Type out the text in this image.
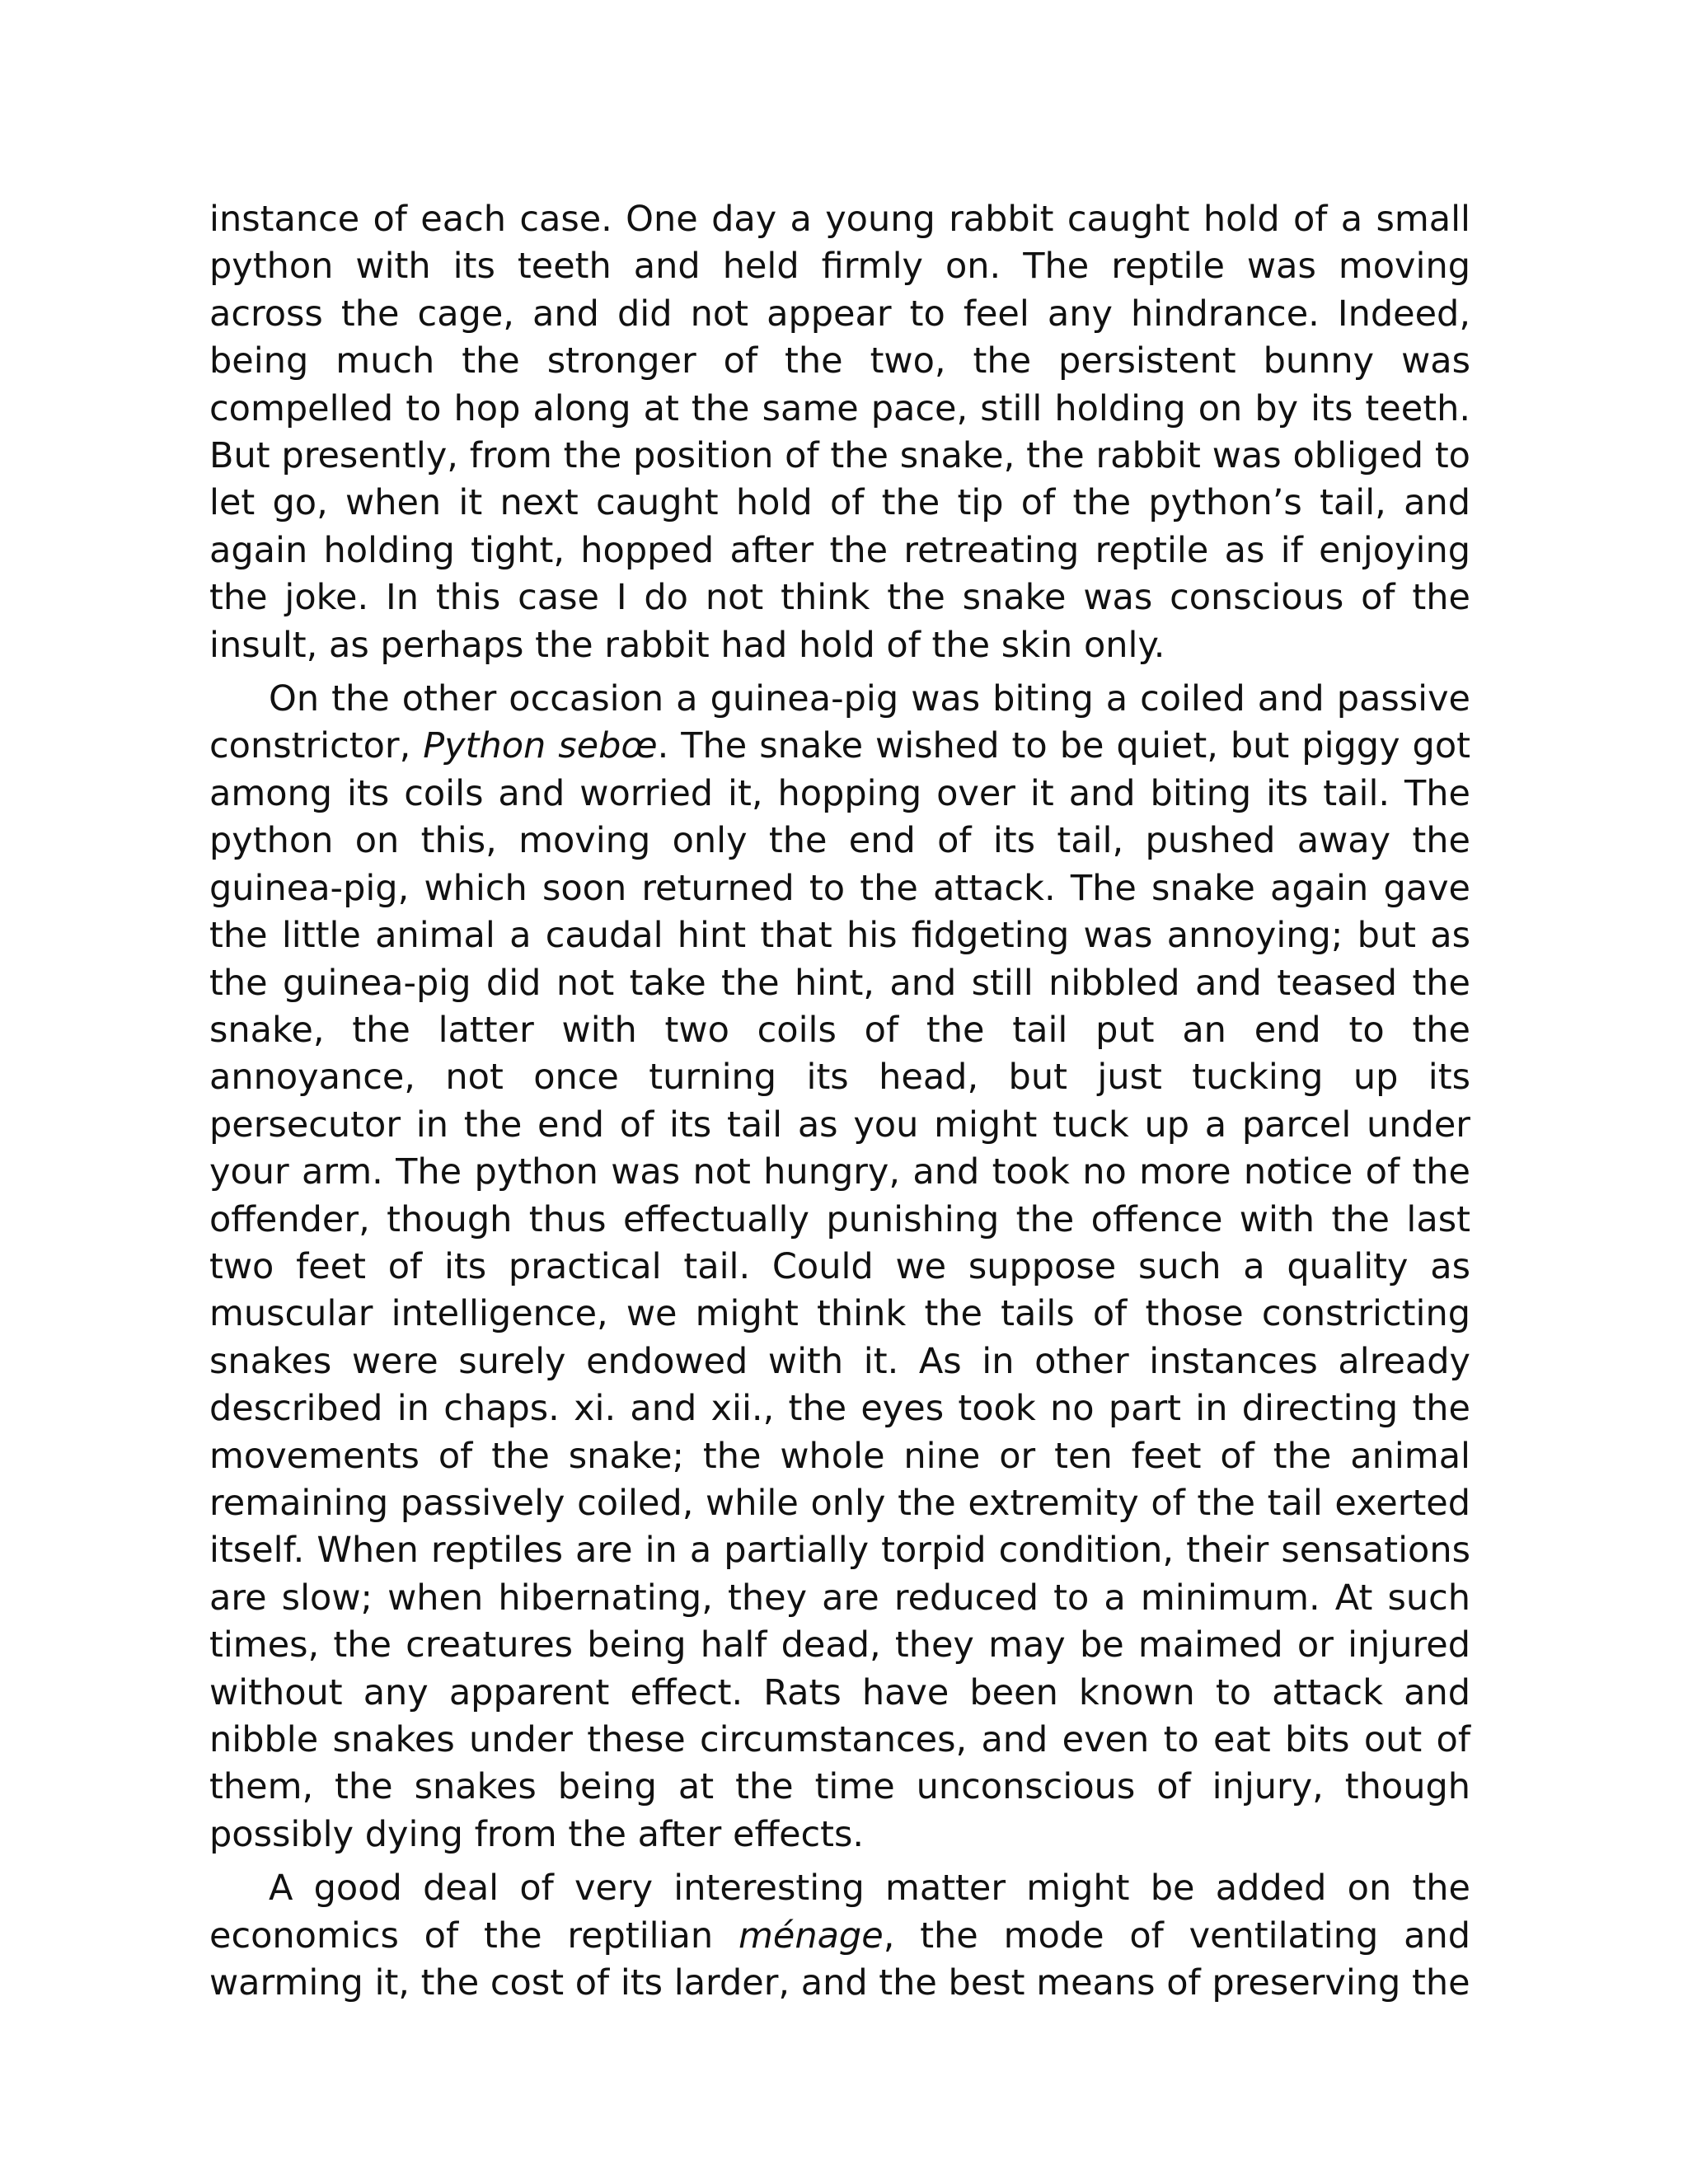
instance of each case. One day a young rabbit caught hold of a small python with its teeth and held firmly on. The reptile was moving across the cage, and did not appear to feel any hindrance. Indeed, being much the stronger of the two, the persistent bunny was compelled to hop along at the same pace, still holding on by its teeth. But presently, from the position of the snake, the rabbit was obliged to let go, when it next caught hold of the tip of the python’s tail, and again holding tight, hopped after the retreating reptile as if enjoying the joke. In this case I do not think the snake was conscious of the insult, as perhaps the rabbit had hold of the skin only.

On the other occasion a guinea-pig was biting a coiled and passive constrictor, Python sebœ. The snake wished to be quiet, but piggy got among its coils and worried it, hopping over it and biting its tail. The python on this, moving only the end of its tail, pushed away the guinea-pig, which soon returned to the attack. The snake again gave the little animal a caudal hint that his fidgeting was annoying; but as the guinea-pig did not take the hint, and still nibbled and teased the snake, the latter with two coils of the tail put an end to the annoyance, not once turning its head, but just tucking up its persecutor in the end of its tail as you might tuck up a parcel under your arm. The python was not hungry, and took no more notice of the offender, though thus effectually punishing the offence with the last two feet of its practical tail. Could we suppose such a quality as muscular intelligence, we might think the tails of those constricting snakes were surely endowed with it. As in other instances already described in chaps. xi. and xii., the eyes took no part in directing the movements of the snake; the whole nine or ten feet of the animal remaining passively coiled, while only the extremity of the tail exerted itself. When reptiles are in a partially torpid condition, their sensations are slow; when hibernating, they are reduced to a minimum. At such times, the creatures being half dead, they may be maimed or injured without any apparent effect. Rats have been known to attack and nibble snakes under these circumstances, and even to eat bits out of them, the snakes being at the time unconscious of injury, though possibly dying from the after effects.

A good deal of very interesting matter might be added on the economics of the reptilian ménage, the mode of ventilating and warming it, the cost of its larder, and the best means of preserving the
